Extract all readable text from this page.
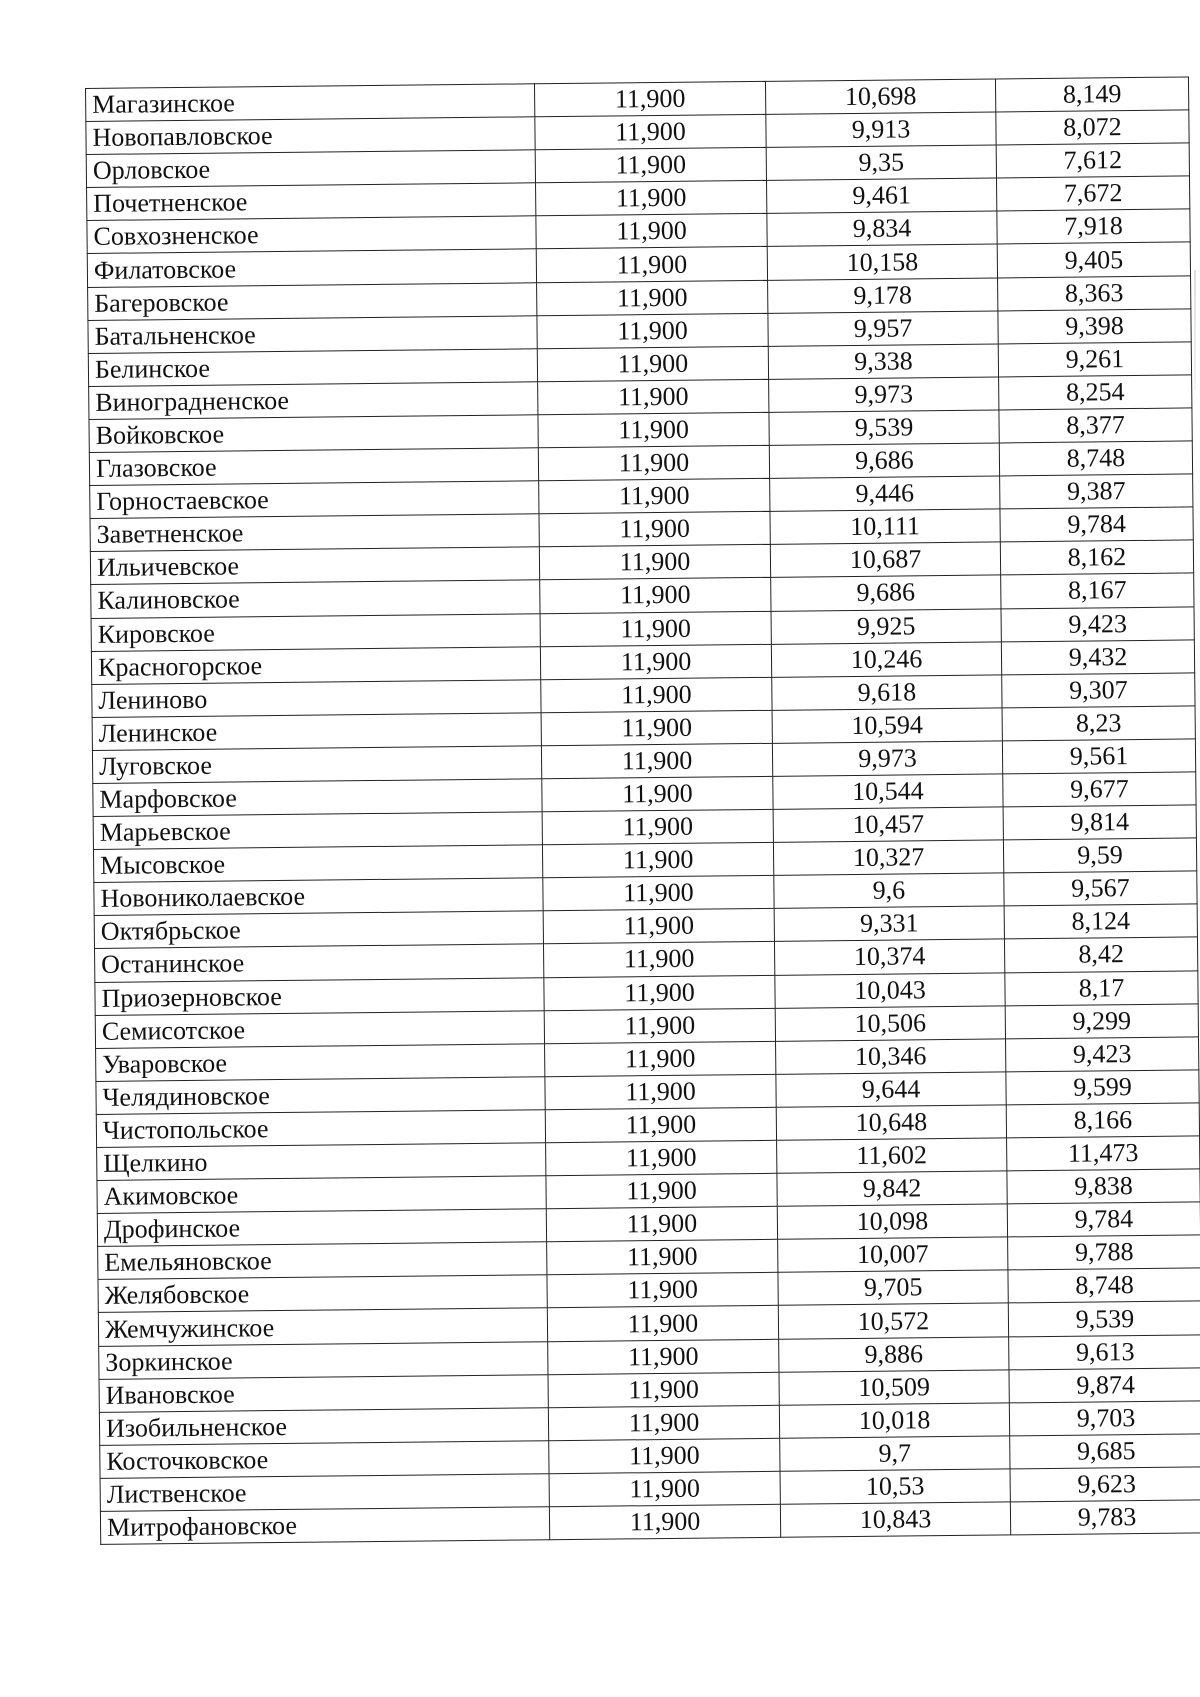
Магазинское	11,900	10,698	8,149
Новопавловское	11,900	9,913	8,072
Орловское	11,900	9,35	7,612
Почетненское	11,900	9,461	7,672
Совхозненское	11,900	9,834	7,918
Филатовское	11,900	10,158	9,405
Багеровское	11,900	9,178	8,363
Батальненское	11,900	9,957	9,398
Белинское	11,900	9,338	9,261
Виноградненское	11,900	9,973	8,254
Войковское	11,900	9,539	8,377
Глазовское	11,900	9,686	8,748
Горностаевское	11,900	9,446	9,387
Заветненское	11,900	10,111	9,784
Ильичевское	11,900	10,687	8,162
Калиновское	11,900	9,686	8,167
Кировское	11,900	9,925	9,423
Красногорское	11,900	10,246	9,432
Лениново	11,900	9,618	9,307
Ленинское	11,900	10,594	8,23
Луговское	11,900	9,973	9,561
Марфовское	11,900	10,544	9,677
Марьевское	11,900	10,457	9,814
Мысовское	11,900	10,327	9,59
Новониколаевское	11,900	9,6	9,567
Октябрьское	11,900	9,331	8,124
Останинское	11,900	10,374	8,42
Приозерновское	11,900	10,043	8,17
Семисотское	11,900	10,506	9,299
Уваровское	11,900	10,346	9,423
Челядиновское	11,900	9,644	9,599
Чистопольское	11,900	10,648	8,166
Щелкино	11,900	11,602	11,473
Акимовское	11,900	9,842	9,838
Дрофинское	11,900	10,098	9,784
Емельяновское	11,900	10,007	9,788
Желябовское	11,900	9,705	8,748
Жемчужинское	11,900	10,572	9,539
Зоркинское	11,900	9,886	9,613
Ивановское	11,900	10,509	9,874
Изобильненское	11,900	10,018	9,703
Косточковское	11,900	9,7	9,685
Лиственское	11,900	10,53	9,623
Митрофановское	11,900	10,843	9,783
